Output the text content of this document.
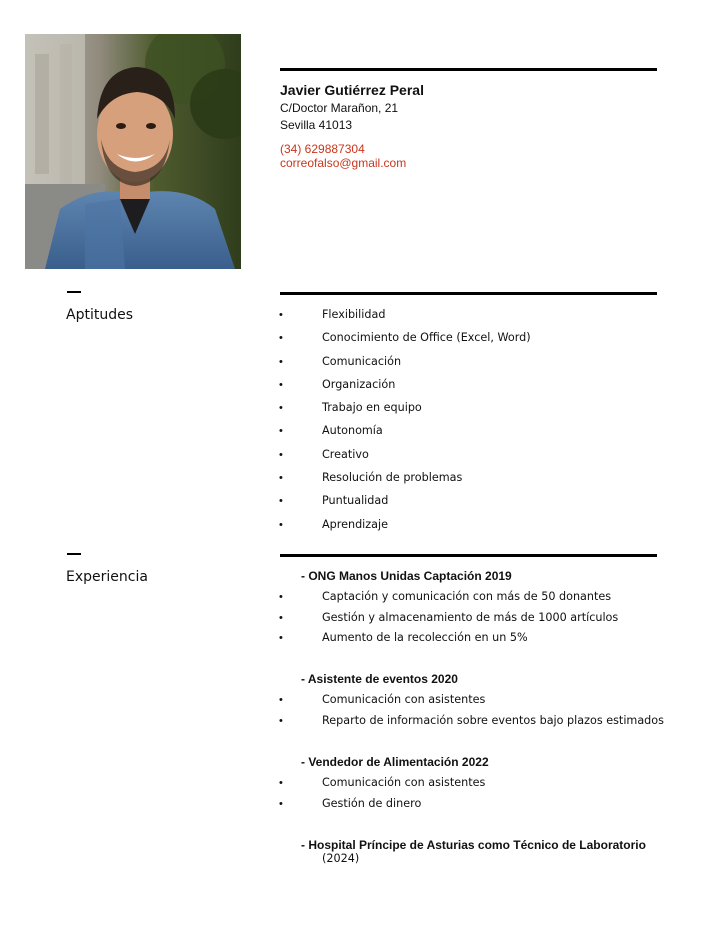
Javier Gutiérrez Peral
C/Doctor Marañon, 21
Sevilla 41013
(34) 629887304
correofalso@gmail.com
Aptitudes	•	Flexibilidad
•	Conocimiento de Office (Excel, Word)
•	Comunicación
•	Organización
•	Trabajo en equipo
•	Autonomía
•	Creativo
•	Resolución de problemas
•	Puntualidad
•	Aprendizaje
Experiencia	- ONG Manos Unidas Captación 2019
•	Captación y comunicación con más de 50 donantes
•	Gestión y almacenamiento de más de 1000 artículos
•	Aumento de la recolección en un 5%
- Asistente de eventos 2020
•	Comunicación con asistentes
•	Reparto de información sobre eventos bajo plazos estimados
- Vendedor de Alimentación 2022
•	Comunicación con asistentes
•	Gestión de dinero
- Hospital Príncipe de Asturias como Técnico de Laboratorio
(2024)
